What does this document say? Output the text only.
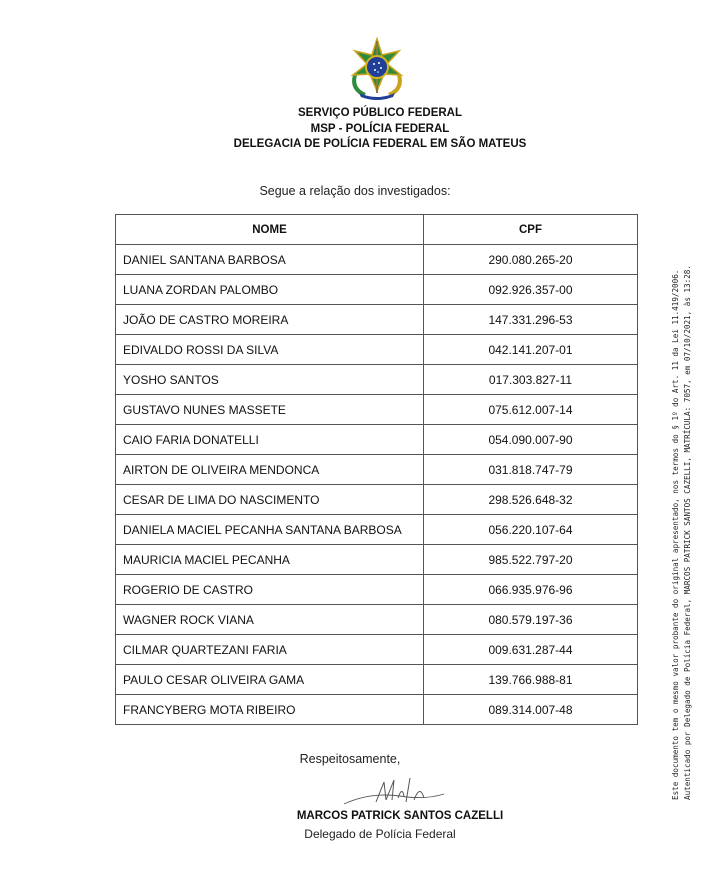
SERVIÇO PÚBLICO FEDERAL
MSP - POLÍCIA FEDERAL
DELEGACIA DE POLÍCIA FEDERAL EM SÃO MATEUS
Segue a relação dos investigados:
NOME	CPF
DANIEL SANTANA BARBOSA	290.080.265-20
LUANA ZORDAN PALOMBO	092.926.357-00
JOÃO DE CASTRO MOREIRA	147.331.296-53
EDIVALDO ROSSI DA SILVA	042.141.207-01
YOSHO SANTOS	017.303.827-11
GUSTAVO NUNES MASSETE	075.612.007-14
CAIO FARIA DONATELLI	054.090.007-90
AIRTON DE OLIVEIRA MENDONCA	031.818.747-79
CESAR DE LIMA DO NASCIMENTO	298.526.648-32
DANIELA MACIEL PECANHA SANTANA BARBOSA	056.220.107-64
MAURICIA MACIEL PECANHA	985.522.797-20
ROGERIO DE CASTRO	066.935.976-96
WAGNER ROCK VIANA	080.579.197-36
CILMAR QUARTEZANI FARIA	009.631.287-44
PAULO CESAR OLIVEIRA GAMA	139.766.988-81
FRANCYBERG MOTA RIBEIRO	089.314.007-48
Respeitosamente,
MARCOS PATRICK SANTOS CAZELLI
Delegado de Polícia Federal
Este documento tem o mesmo valor probante do original apresentado, nos termos do § 1º do Art. 11 da Lei 11.419/2006. Autenticado por Delegado de Polícia Federal, MARCOS PATRICK SANTOS CAZELLI, MATRÍCULA: 7057, em 07/10/2021, às 13:28.
